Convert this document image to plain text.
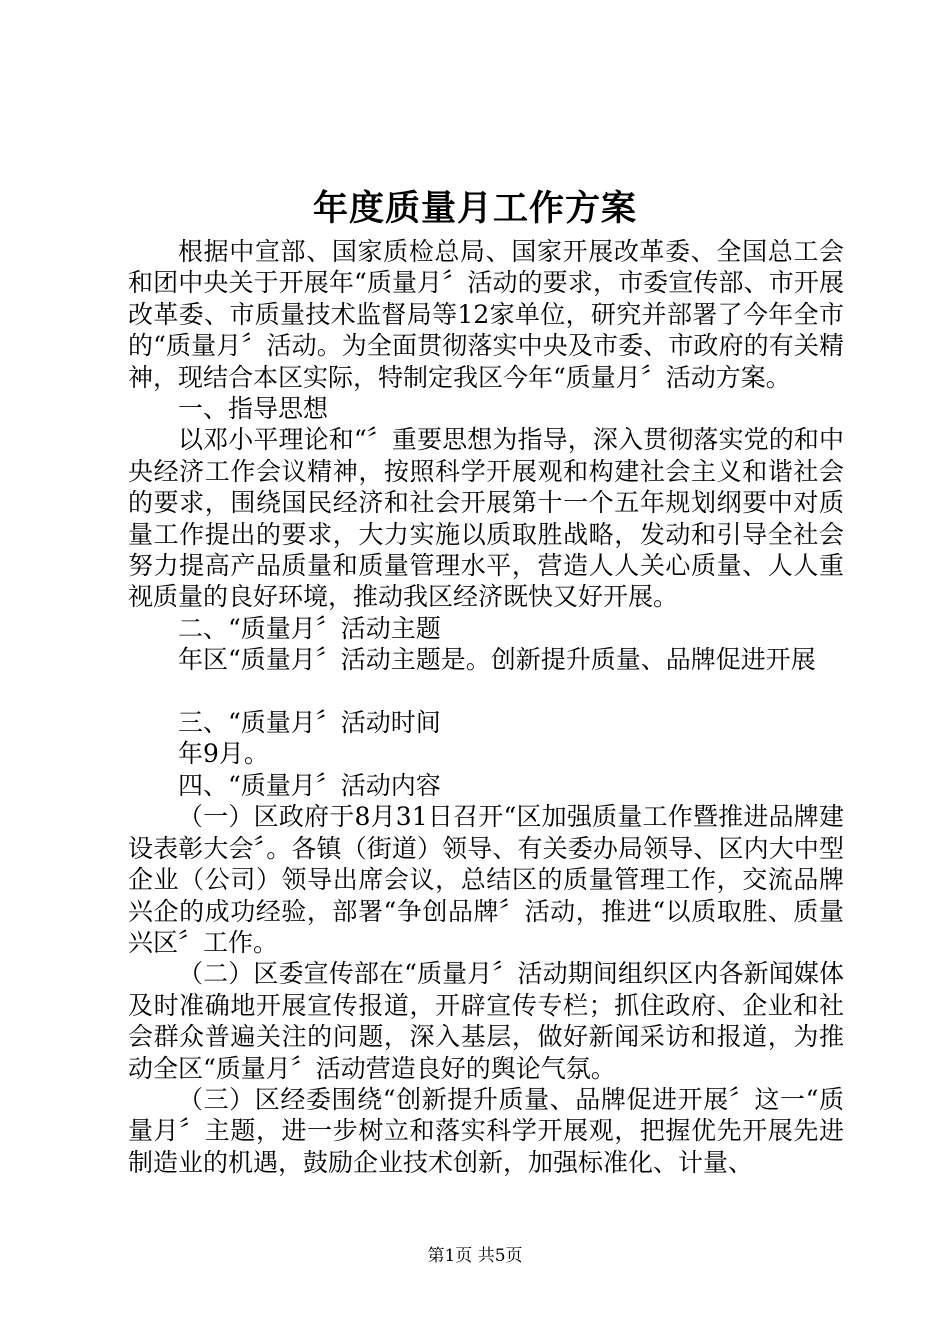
年度质量月工作方案

根据中宣部、国家质检总局、国家开展改革委、全国总工会和团中央关于开展年“质量月〞活动的要求，市委宣传部、市开展改革委、市质量技术监督局等12家单位，研究并部署了今年全市的“质量月〞活动。为全面贯彻落实中央及市委、市政府的有关精神，现结合本区实际，特制定我区今年“质量月〞活动方案。

一、指导思想

以邓小平理论和“〞重要思想为指导，深入贯彻落实党的和中央经济工作会议精神，按照科学开展观和构建社会主义和谐社会的要求，围绕国民经济和社会开展第十一个五年规划纲要中对质量工作提出的要求，大力实施以质取胜战略，发动和引导全社会努力提高产品质量和质量管理水平，营造人人关心质量、人人重视质量的良好环境，推动我区经济既快又好开展。

二、“质量月〞活动主题

年区“质量月〞活动主题是。创新提升质量、品牌促进开展

三、“质量月〞活动时间

年9月。

四、“质量月〞活动内容

（一）区政府于8月31日召开“区加强质量工作暨推进品牌建设表彰大会〞。各镇（街道）领导、有关委办局领导、区内大中型企业（公司）领导出席会议，总结区的质量管理工作，交流品牌兴企的成功经验，部署“争创品牌〞活动，推进“以质取胜、质量兴区〞工作。

（二）区委宣传部在“质量月〞活动期间组织区内各新闻媒体及时准确地开展宣传报道，开辟宣传专栏；抓住政府、企业和社会群众普遍关注的问题，深入基层，做好新闻采访和报道，为推动全区“质量月〞活动营造良好的舆论气氛。

（三）区经委围绕“创新提升质量、品牌促进开展〞这一“质量月〞主题，进一步树立和落实科学开展观，把握优先开展先进制造业的机遇，鼓励企业技术创新，加强标准化、计量、

第1页 共5页
